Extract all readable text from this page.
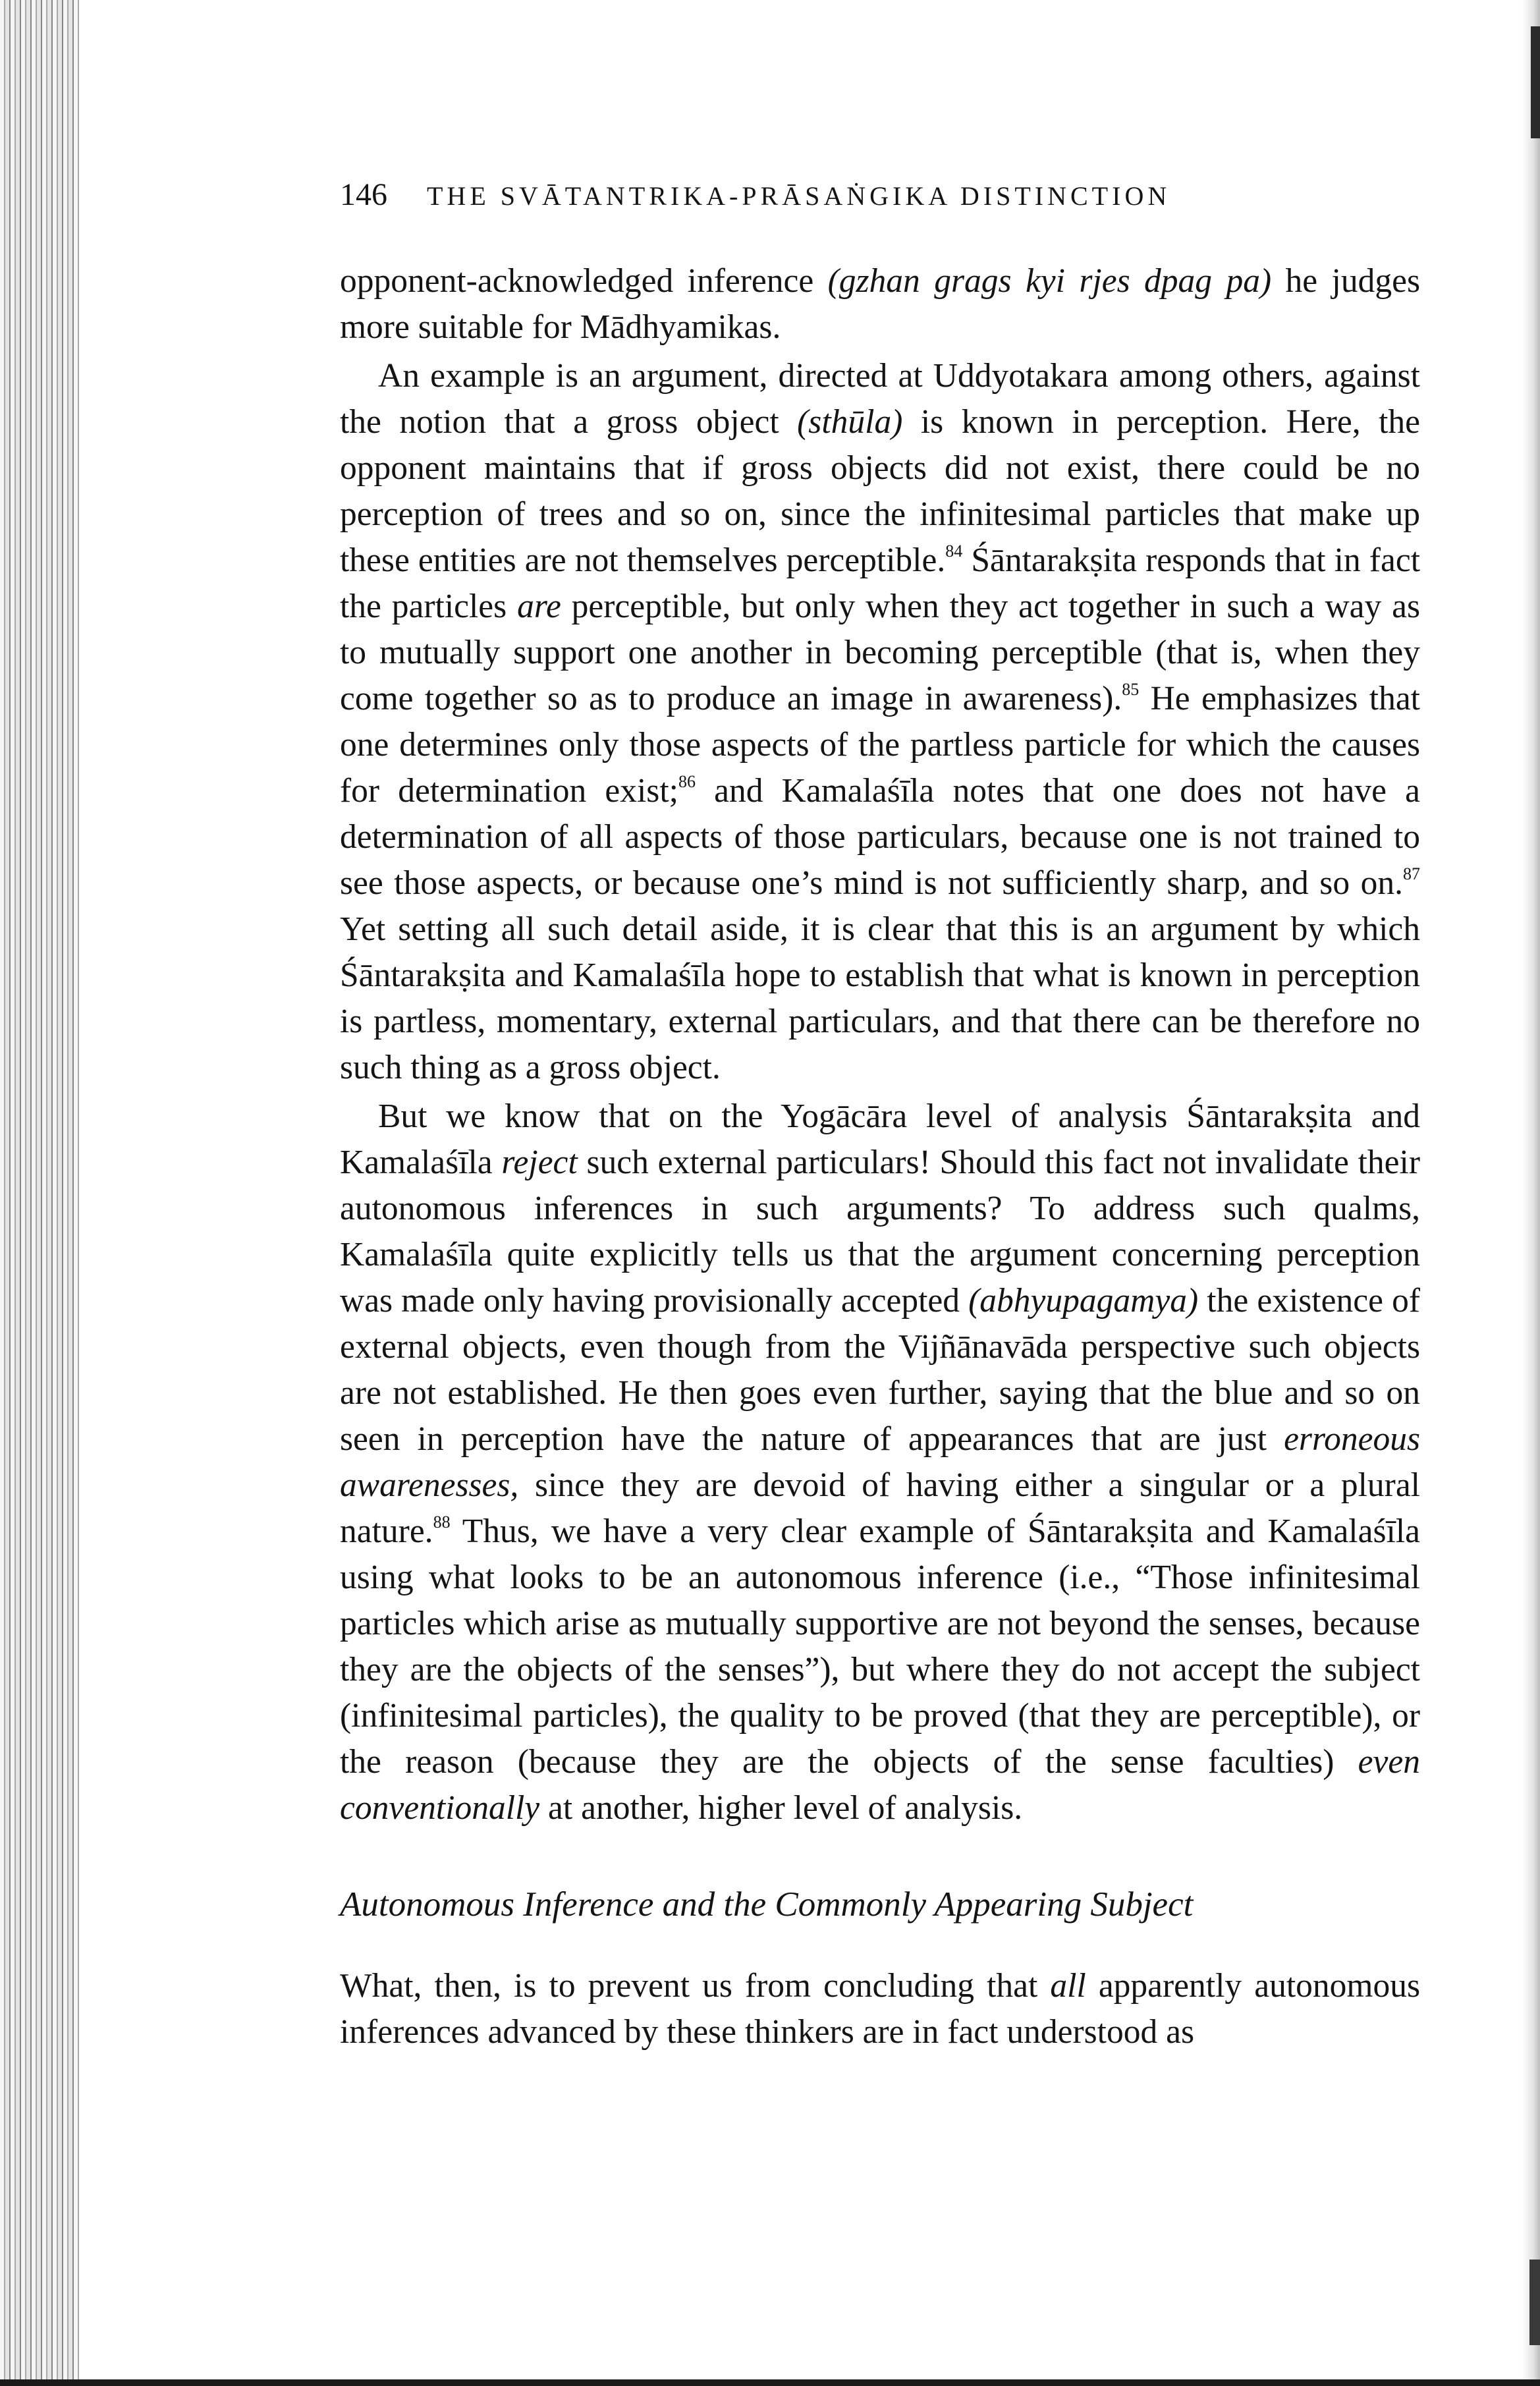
146 THE SVĀTANTRIKA-PRĀSAṄGIKA DISTINCTION

opponent-acknowledged inference (gzhan grags kyi rjes dpag pa) he judges more suitable for Mādhyamikas.

An example is an argument, directed at Uddyotakara among others, against the notion that a gross object (sthūla) is known in perception. Here, the opponent maintains that if gross objects did not exist, there could be no perception of trees and so on, since the infinitesimal particles that make up these entities are not themselves perceptible.$^{84}$ Śāntarakṣita responds that in fact the particles are perceptible, but only when they act together in such a way as to mutually support one another in becoming perceptible (that is, when they come together so as to produce an image in awareness).$^{85}$ He emphasizes that one determines only those aspects of the partless particle for which the causes for determination exist;$^{86}$ and Kamalaśīla notes that one does not have a determination of all aspects of those particulars, because one is not trained to see those aspects, or because one’s mind is not sufficiently sharp, and so on.$^{87}$ Yet setting all such detail aside, it is clear that this is an argument by which Śāntarakṣita and Kamalaśīla hope to establish that what is known in perception is partless, momentary, external particulars, and that there can be therefore no such thing as a gross object.

But we know that on the Yogācāra level of analysis Śāntarakṣita and Kamalaśīla reject such external particulars! Should this fact not invalidate their autonomous inferences in such arguments? To address such qualms, Kamalaśīla quite explicitly tells us that the argument concerning perception was made only having provisionally accepted (abhyupagamya) the existence of external objects, even though from the Vijñānavāda perspective such objects are not established. He then goes even further, saying that the blue and so on seen in perception have the nature of appearances that are just erroneous awarenesses, since they are devoid of having either a singular or a plural nature.$^{88}$ Thus, we have a very clear example of Śāntarakṣita and Kamalaśīla using what looks to be an autonomous inference (i.e., “Those infinitesimal particles which arise as mutually supportive are not beyond the senses, because they are the objects of the senses”), but where they do not accept the subject (infinitesimal particles), the quality to be proved (that they are perceptible), or the reason (because they are the objects of the sense faculties) even conventionally at another, higher level of analysis.

Autonomous Inference and the Commonly Appearing Subject

What, then, is to prevent us from concluding that all apparently autonomous inferences advanced by these thinkers are in fact understood as
